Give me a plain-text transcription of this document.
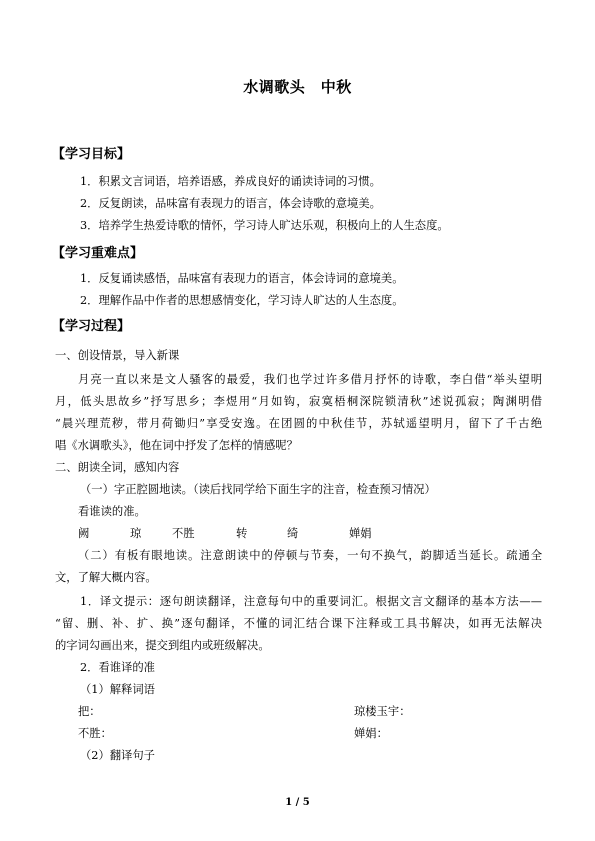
水调歌头　中秋
【学习目标】
1．积累文言词语，培养语感，养成良好的诵读诗词的习惯。
2．反复朗读，品味富有表现力的语言，体会诗歌的意境美。
3．培养学生热爱诗歌的情怀，学习诗人旷达乐观，积极向上的人生态度。
【学习重难点】
1．反复诵读感悟，品味富有表现力的语言，体会诗词的意境美。
2．理解作品中作者的思想感情变化，学习诗人旷达的人生态度。
【学习过程】
一、创设情景，导入新课
月亮一直以来是文人骚客的最爱，我们也学过许多借月抒怀的诗歌，李白借“举头望明
月，低头思故乡”抒写思乡；李煜用“月如钩，寂寞梧桐深院锁清秋”述说孤寂；陶渊明借
“晨兴理荒秽，带月荷锄归”享受安逸。在团圆的中秋佳节，苏轼遥望明月，留下了千古绝
唱《水调歌头》，他在词中抒发了怎样的情感呢？
二、朗读全词，感知内容
（一）字正腔圆地读。（读后找同学给下面生字的注音，检查预习情况）
看谁读的准。
阙	琼	不胜	转	绮	婵娟
（二）有板有眼地读。注意朗读中的停顿与节奏，一句不换气，韵脚适当延长。疏通全
文，了解大概内容。
1．译文提示：逐句朗读翻译，注意每句中的重要词汇。根据文言文翻译的基本方法——
“留、删、补、扩、换”逐句翻译，不懂的词汇结合课下注释或工具书解决，如再无法解决
的字词勾画出来，提交到组内或班级解决。
2．看谁译的准
（1）解释词语
把：	琼楼玉宇：
不胜：	婵娟：
（2）翻译句子
1 / 5
